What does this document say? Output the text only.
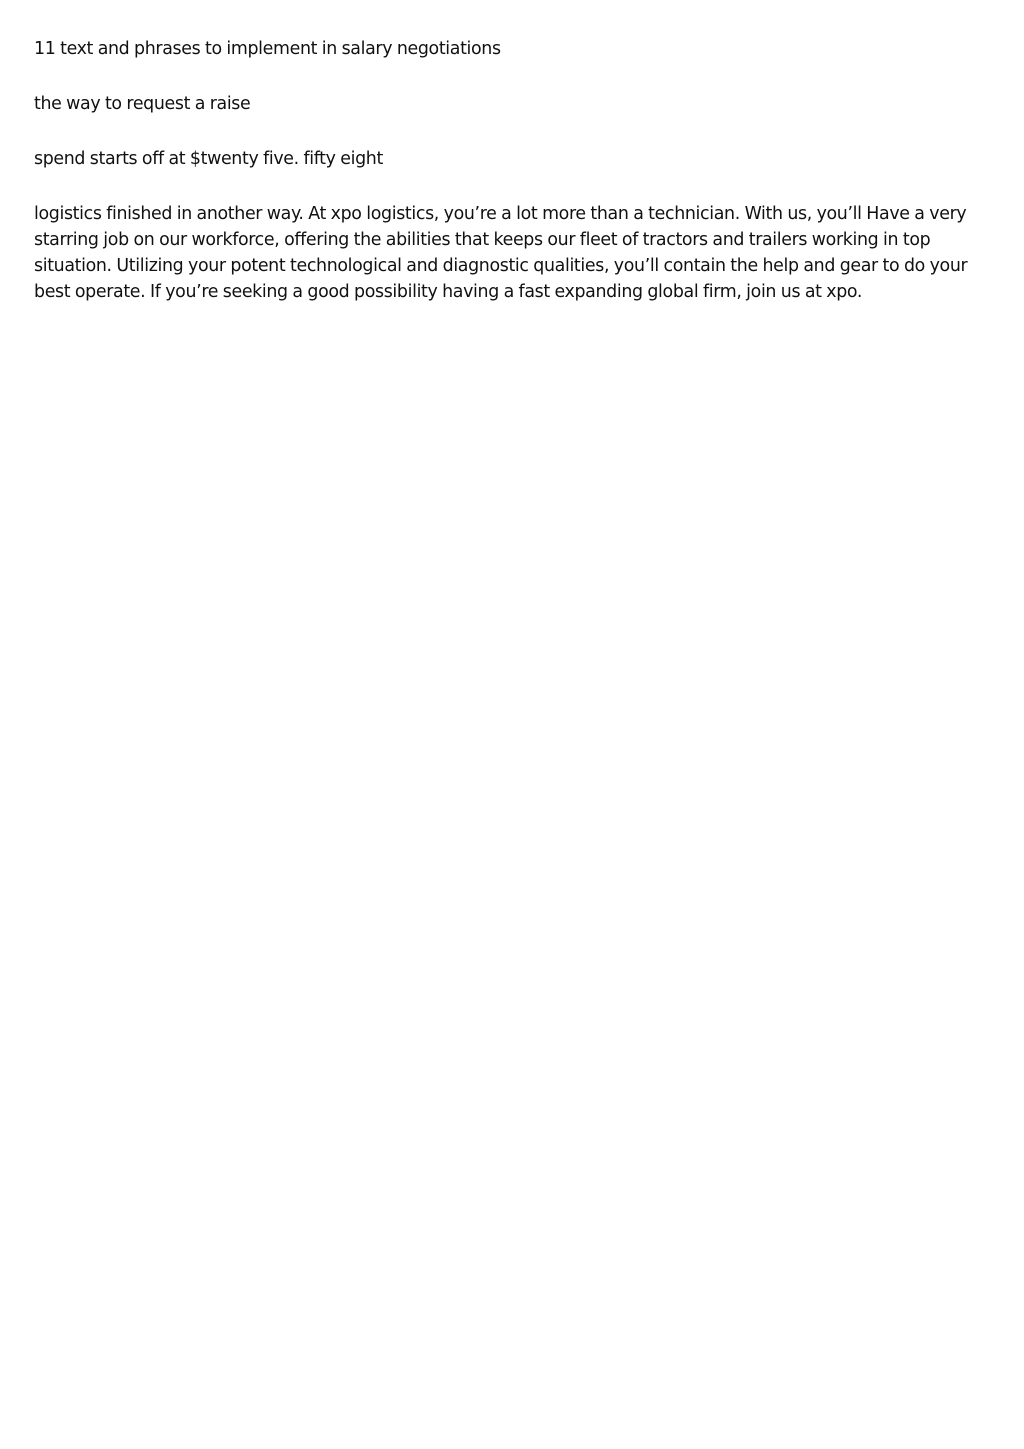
11 text and phrases to implement in salary negotiations

the way to request a raise

spend starts off at $twenty five. fifty eight

logistics finished in another way. At xpo logistics, you’re a lot more than a technician. With us, you’ll Have a very starring job on our workforce, offering the abilities that keeps our fleet of tractors and trailers working in top situation. Utilizing your potent technological and diagnostic qualities, you’ll contain the help and gear to do your best operate. If you’re seeking a good possibility having a fast expanding global firm, join us at xpo.
